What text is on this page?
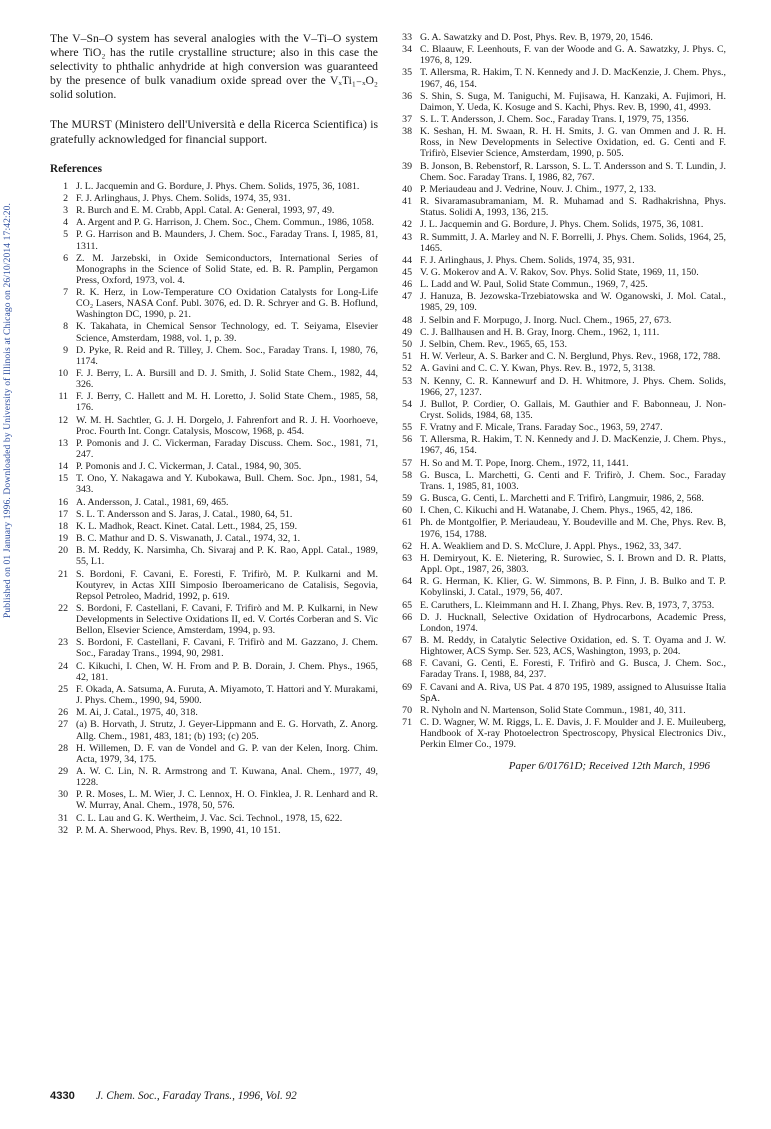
Published on 01 January 1996. Downloaded by University of Illinois at Chicago on 26/10/2014 17:42:20.

The V–Sn–O system has several analogies with the V–Ti–O system where TiO₂ has the rutile crystalline structure; also in this case the selectivity to phthalic anhydride at high conversion was guaranteed by the presence of bulk vanadium oxide spread over the VₓTi₁₋ₓO₂ solid solution.

The MURST (Ministero dell'Università e della Ricerca Scientifica) is gratefully acknowledged for financial support.

References
1 J. L. Jacquemin and G. Bordure, J. Phys. Chem. Solids, 1975, 36, 1081.
2 F. J. Arlinghaus, J. Phys. Chem. Solids, 1974, 35, 931.
3 R. Burch and E. M. Crabb, Appl. Catal. A: General, 1993, 97, 49.
4 A. Argent and P. G. Harrison, J. Chem. Soc., Chem. Commun., 1986, 1058.
5 P. G. Harrison and B. Maunders, J. Chem. Soc., Faraday Trans. I, 1985, 81, 1311.
6 Z. M. Jarzebski, in Oxide Semiconductors, International Series of Monographs in the Science of Solid State, ed. B. R. Pamplin, Pergamon Press, Oxford, 1973, vol. 4.
7 R. K. Herz, in Low-Temperature CO Oxidation Catalysts for Long-Life CO₂ Lasers, NASA Conf. Publ. 3076, ed. D. R. Schryer and G. B. Hoflund, Washington DC, 1990, p. 21.
8 K. Takahata, in Chemical Sensor Technology, ed. T. Seiyama, Elsevier Science, Amsterdam, 1988, vol. 1, p. 39.
9 D. Pyke, R. Reid and R. Tilley, J. Chem. Soc., Faraday Trans. I, 1980, 76, 1174.
10 F. J. Berry, L. A. Bursill and D. J. Smith, J. Solid State Chem., 1982, 44, 326.
11 F. J. Berry, C. Hallett and M. H. Loretto, J. Solid State Chem., 1985, 58, 176.
12 W. M. H. Sachtler, G. J. H. Dorgelo, J. Fahrenfort and R. J. H. Voorhoeve, Proc. Fourth Int. Congr. Catalysis, Moscow, 1968, p. 454.
13 P. Pomonis and J. C. Vickerman, Faraday Discuss. Chem. Soc., 1981, 71, 247.
14 P. Pomonis and J. C. Vickerman, J. Catal., 1984, 90, 305.
15 T. Ono, Y. Nakagawa and Y. Kubokawa, Bull. Chem. Soc. Jpn., 1981, 54, 343.
16 A. Andersson, J. Catal., 1981, 69, 465.
17 S. L. T. Andersson and S. Jaras, J. Catal., 1980, 64, 51.
18 K. L. Madhok, React. Kinet. Catal. Lett., 1984, 25, 159.
19 B. C. Mathur and D. S. Viswanath, J. Catal., 1974, 32, 1.
20 B. M. Reddy, K. Narsimha, Ch. Sivaraj and P. K. Rao, Appl. Catal., 1989, 55, L1.
21 S. Bordoni, F. Cavani, E. Foresti, F. Trifirò, M. P. Kulkarni and M. Koutyrev, in Actas XIII Simposio Iberoamericano de Catalisis, Segovia, Repsol Petroleo, Madrid, 1992, p. 619.
22 S. Bordoni, F. Castellani, F. Cavani, F. Trifirò and M. P. Kulkarni, in New Developments in Selective Oxidations II, ed. V. Cortés Corberan and S. Vic Bellon, Elsevier Science, Amsterdam, 1994, p. 93.
23 S. Bordoni, F. Castellani, F. Cavani, F. Trifirò and M. Gazzano, J. Chem. Soc., Faraday Trans., 1994, 90, 2981.
24 C. Kikuchi, I. Chen, W. H. From and P. B. Dorain, J. Chem. Phys., 1965, 42, 181.
25 F. Okada, A. Satsuma, A. Furuta, A. Miyamoto, T. Hattori and Y. Murakami, J. Phys. Chem., 1990, 94, 5900.
26 M. Ai, J. Catal., 1975, 40, 318.
27 (a) B. Horvath, J. Strutz, J. Geyer-Lippmann and E. G. Horvath, Z. Anorg. Allg. Chem., 1981, 483, 181; (b) 193; (c) 205.
28 H. Willemen, D. F. van de Vondel and G. P. van der Kelen, Inorg. Chim. Acta, 1979, 34, 175.
29 A. W. C. Lin, N. R. Armstrong and T. Kuwana, Anal. Chem., 1977, 49, 1228.
30 P. R. Moses, L. M. Wier, J. C. Lennox, H. O. Finklea, J. R. Lenhard and R. W. Murray, Anal. Chem., 1978, 50, 576.
31 C. L. Lau and G. K. Wertheim, J. Vac. Sci. Technol., 1978, 15, 622.
32 P. M. A. Sherwood, Phys. Rev. B, 1990, 41, 10 151.
33 G. A. Sawatzky and D. Post, Phys. Rev. B, 1979, 20, 1546.
34 C. Blaauw, F. Leenhouts, F. van der Woode and G. A. Sawatzky, J. Phys. C, 1976, 8, 129.
35 T. Allersma, R. Hakim, T. N. Kennedy and J. D. MacKenzie, J. Chem. Phys., 1967, 46, 154.
36 S. Shin, S. Suga, M. Taniguchi, M. Fujisawa, H. Kanzaki, A. Fujimori, H. Daimon, Y. Ueda, K. Kosuge and S. Kachi, Phys. Rev. B, 1990, 41, 4993.
37 S. L. T. Andersson, J. Chem. Soc., Faraday Trans. I, 1979, 75, 1356.
38 K. Seshan, H. M. Swaan, R. H. H. Smits, J. G. van Ommen and J. R. H. Ross, in New Developments in Selective Oxidation, ed. G. Centi and F. Trifirò, Elsevier Science, Amsterdam, 1990, p. 505.
39 B. Jonson, B. Rebenstorf, R. Larsson, S. L. T. Andersson and S. T. Lundin, J. Chem. Soc. Faraday Trans. I, 1986, 82, 767.
40 P. Meriaudeau and J. Vedrine, Nouv. J. Chim., 1977, 2, 133.
41 R. Sivaramasubramaniam, M. R. Muhamad and S. Radhakrishna, Phys. Status. Solidi A, 1993, 136, 215.
42 J. L. Jacquemin and G. Bordure, J. Phys. Chem. Solids, 1975, 36, 1081.
43 R. Summitt, J. A. Marley and N. F. Borrelli, J. Phys. Chem. Solids, 1964, 25, 1465.
44 F. J. Arlinghaus, J. Phys. Chem. Solids, 1974, 35, 931.
45 V. G. Mokerov and A. V. Rakov, Sov. Phys. Solid State, 1969, 11, 150.
46 L. Ladd and W. Paul, Solid State Commun., 1969, 7, 425.
47 J. Hanuza, B. Jezowska-Trzebiatowska and W. Oganowski, J. Mol. Catal., 1985, 29, 109.
48 J. Selbin and F. Morpugo, J. Inorg. Nucl. Chem., 1965, 27, 673.
49 C. J. Ballhausen and H. B. Gray, Inorg. Chem., 1962, 1, 111.
50 J. Selbin, Chem. Rev., 1965, 65, 153.
51 H. W. Verleur, A. S. Barker and C. N. Berglund, Phys. Rev., 1968, 172, 788.
52 A. Gavini and C. C. Y. Kwan, Phys. Rev. B., 1972, 5, 3138.
53 N. Kenny, C. R. Kannewurf and D. H. Whitmore, J. Phys. Chem. Solids, 1966, 27, 1237.
54 J. Bullot, P. Cordier, O. Gallais, M. Gauthier and F. Babonneau, J. Non-Cryst. Solids, 1984, 68, 135.
55 F. Vratny and F. Micale, Trans. Faraday Soc., 1963, 59, 2747.
56 T. Allersma, R. Hakim, T. N. Kennedy and J. D. MacKenzie, J. Chem. Phys., 1967, 46, 154.
57 H. So and M. T. Pope, Inorg. Chem., 1972, 11, 1441.
58 G. Busca, L. Marchetti, G. Centi and F. Trifirò, J. Chem. Soc., Faraday Trans. 1, 1985, 81, 1003.
59 G. Busca, G. Centi, L. Marchetti and F. Trifirò, Langmuir, 1986, 2, 568.
60 I. Chen, C. Kikuchi and H. Watanabe, J. Chem. Phys., 1965, 42, 186.
61 Ph. de Montgolfier, P. Meriaudeau, Y. Boudeville and M. Che, Phys. Rev. B, 1976, 154, 1788.
62 H. A. Weakliem and D. S. McClure, J. Appl. Phys., 1962, 33, 347.
63 H. Demiryout, K. E. Nietering, R. Surowiec, S. I. Brown and D. R. Platts, Appl. Opt., 1987, 26, 3803.
64 R. G. Herman, K. Klier, G. W. Simmons, B. P. Finn, J. B. Bulko and T. P. Kobylinski, J. Catal., 1979, 56, 407.
65 E. Caruthers, L. Kleimmann and H. I. Zhang, Phys. Rev. B, 1973, 7, 3753.
66 D. J. Hucknall, Selective Oxidation of Hydrocarbons, Academic Press, London, 1974.
67 B. M. Reddy, in Catalytic Selective Oxidation, ed. S. T. Oyama and J. W. Hightower, ACS Symp. Ser. 523, ACS, Washington, 1993, p. 204.
68 F. Cavani, G. Centi, E. Foresti, F. Trifirò and G. Busca, J. Chem. Soc., Faraday Trans. I, 1988, 84, 237.
69 F. Cavani and A. Riva, US Pat. 4 870 195, 1989, assigned to Alusuisse Italia SpA.
70 R. Nyholn and N. Martenson, Solid State Commun., 1981, 40, 311.
71 C. D. Wagner, W. M. Riggs, L. E. Davis, J. F. Moulder and J. E. Muileuberg, Handbook of X-ray Photoelectron Spectroscopy, Physical Electronics Div., Perkin Elmer Co., 1979.
Paper 6/01761D; Received 12th March, 1996
4330 J. Chem. Soc., Faraday Trans., 1996, Vol. 92
